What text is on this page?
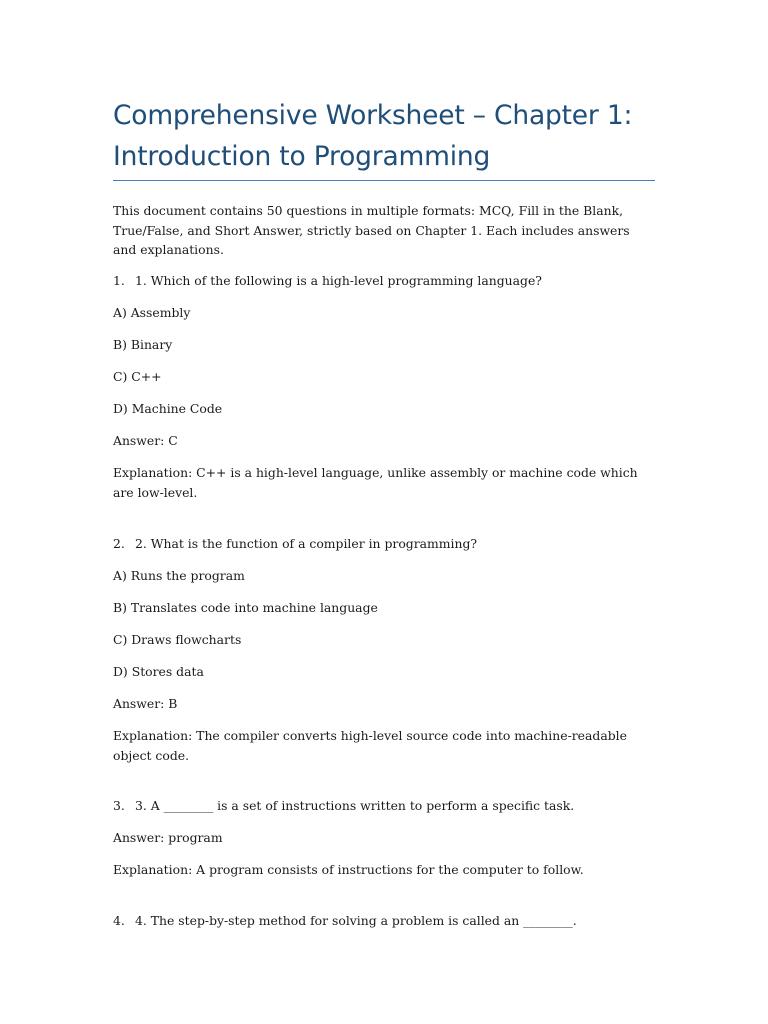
Comprehensive Worksheet – Chapter 1:
Introduction to Programming

This document contains 50 questions in multiple formats: MCQ, Fill in the Blank, True/False, and Short Answer, strictly based on Chapter 1. Each includes answers and explanations.

1. 1. Which of the following is a high-level programming language?

A) Assembly

B) Binary

C) C++

D) Machine Code

Answer: C

Explanation: C++ is a high-level language, unlike assembly or machine code which are low-level.

2. 2. What is the function of a compiler in programming?

A) Runs the program

B) Translates code into machine language

C) Draws flowcharts

D) Stores data

Answer: B

Explanation: The compiler converts high-level source code into machine-readable object code.

3. 3. A ________ is a set of instructions written to perform a specific task.

Answer: program

Explanation: A program consists of instructions for the computer to follow.

4. 4. The step-by-step method for solving a problem is called an ________.
